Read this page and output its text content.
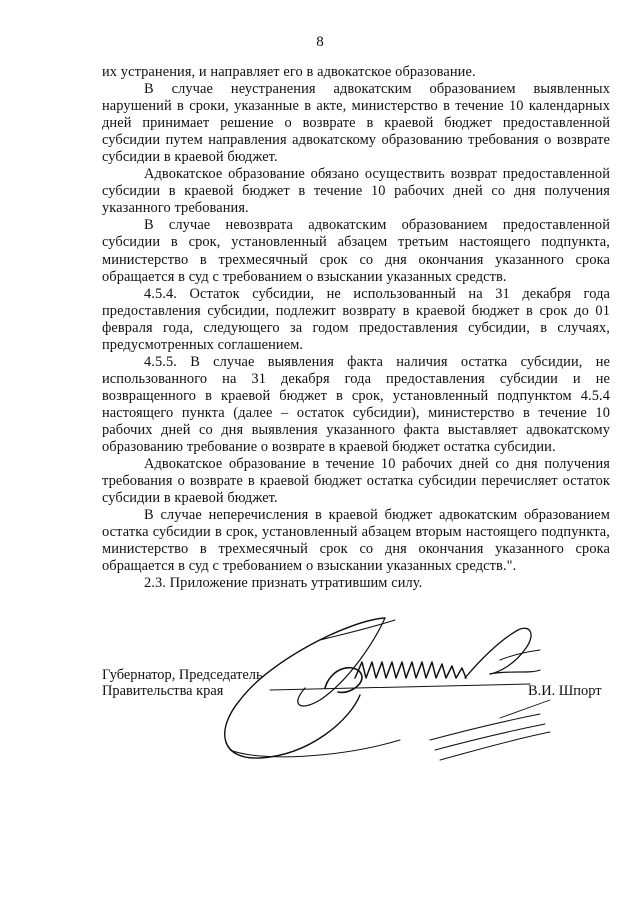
8

их устранения, и направляет его в адвокатское образование.

В случае неустранения адвокатским образованием выявленных нарушений в сроки, указанные в акте, министерство в течение 10 календарных дней принимает решение о возврате в краевой бюджет предоставленной субсидии путем направления адвокатскому образованию требования о возврате субсидии в краевой бюджет.

Адвокатское образование обязано осуществить возврат предоставленной субсидии в краевой бюджет в течение 10 рабочих дней со дня получения указанного требования.

В случае невозврата адвокатским образованием предоставленной субсидии в срок, установленный абзацем третьим настоящего подпункта, министерство в трехмесячный срок со дня окончания указанного срока обращается в суд с требованием о взыскании указанных средств.

4.5.4. Остаток субсидии, не использованный на 31 декабря года предоставления субсидии, подлежит возврату в краевой бюджет в срок до 01 февраля года, следующего за годом предоставления субсидии, в случаях, предусмотренных соглашением.

4.5.5. В случае выявления факта наличия остатка субсидии, не использованного на 31 декабря года предоставления субсидии и не возвращенного в краевой бюджет в срок, установленный подпунктом 4.5.4 настоящего пункта (далее – остаток субсидии), министерство в течение 10 рабочих дней со дня выявления указанного факта выставляет адвокатскому образованию требование о возврате в краевой бюджет остатка субсидии.

Адвокатское образование в течение 10 рабочих дней со дня получения требования о возврате в краевой бюджет остатка субсидии перечисляет остаток субсидии в краевой бюджет.

В случае неперечисления в краевой бюджет адвокатским образованием остатка субсидии в срок, установленный абзацем вторым настоящего подпункта, министерство в трехмесячный срок со дня окончания указанного срока обращается в суд с требованием о взыскании указанных средств.".

2.3. Приложение признать утратившим силу.

Губернатор, Председатель
Правительства края	В.И. Шпорт
